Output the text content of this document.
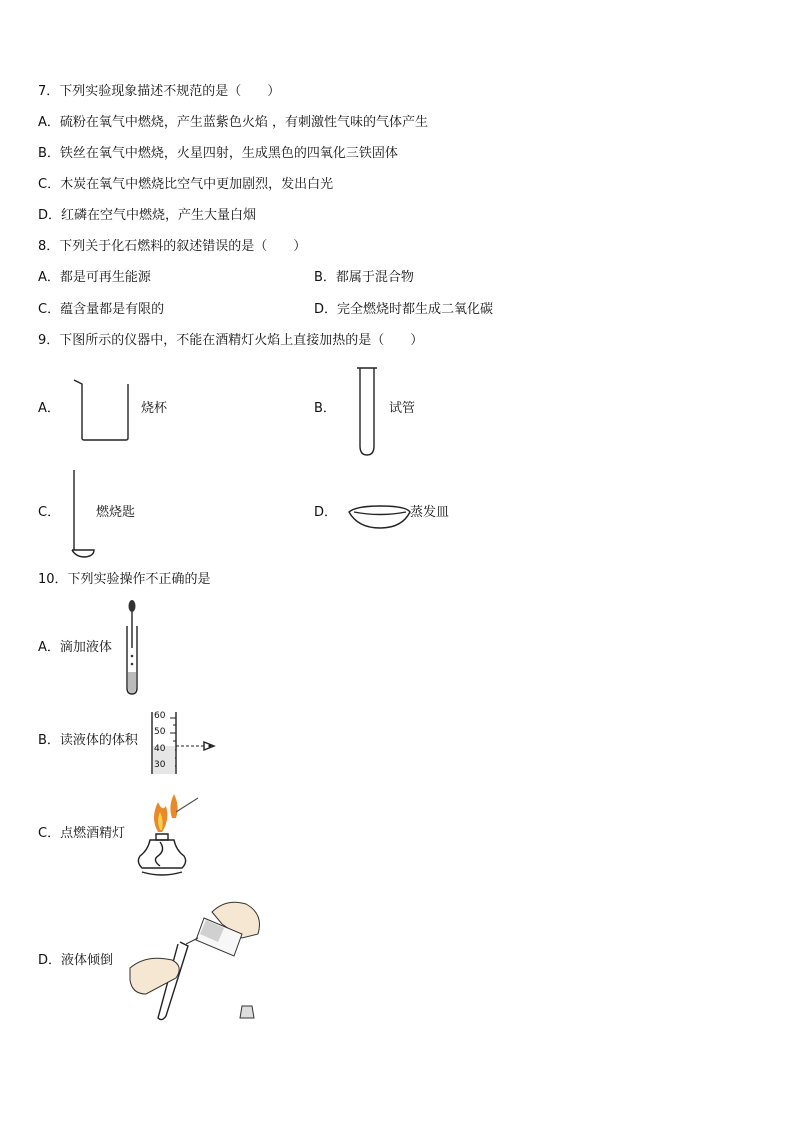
7．下列实验现象描述不规范的是（　　）
A．硫粉在氧气中燃烧，产生蓝紫色火焰 ，有刺激性气味的气体产生
B．铁丝在氧气中燃烧，火星四射，生成黑色的四氧化三铁固体
C．木炭在氧气中燃烧比空气中更加剧烈，发出白光
D．红磷在空气中燃烧，产生大量白烟
8．下列关于化石燃料的叙述错误的是（　　）
A．都是可再生能源	B．都属于混合物
C．蕴含量都是有限的	D．完全燃烧时都生成二氧化碳
9．下图所示的仪器中，不能在酒精灯火焰上直接加热的是（　　）
A．	烧杯	B．	试管
C．	燃烧匙	D．	蒸发皿
10．下列实验操作不正确的是
A．滴加液体
B．读液体的体积
60
50
40
30
C．点燃酒精灯
D．液体倾倒
